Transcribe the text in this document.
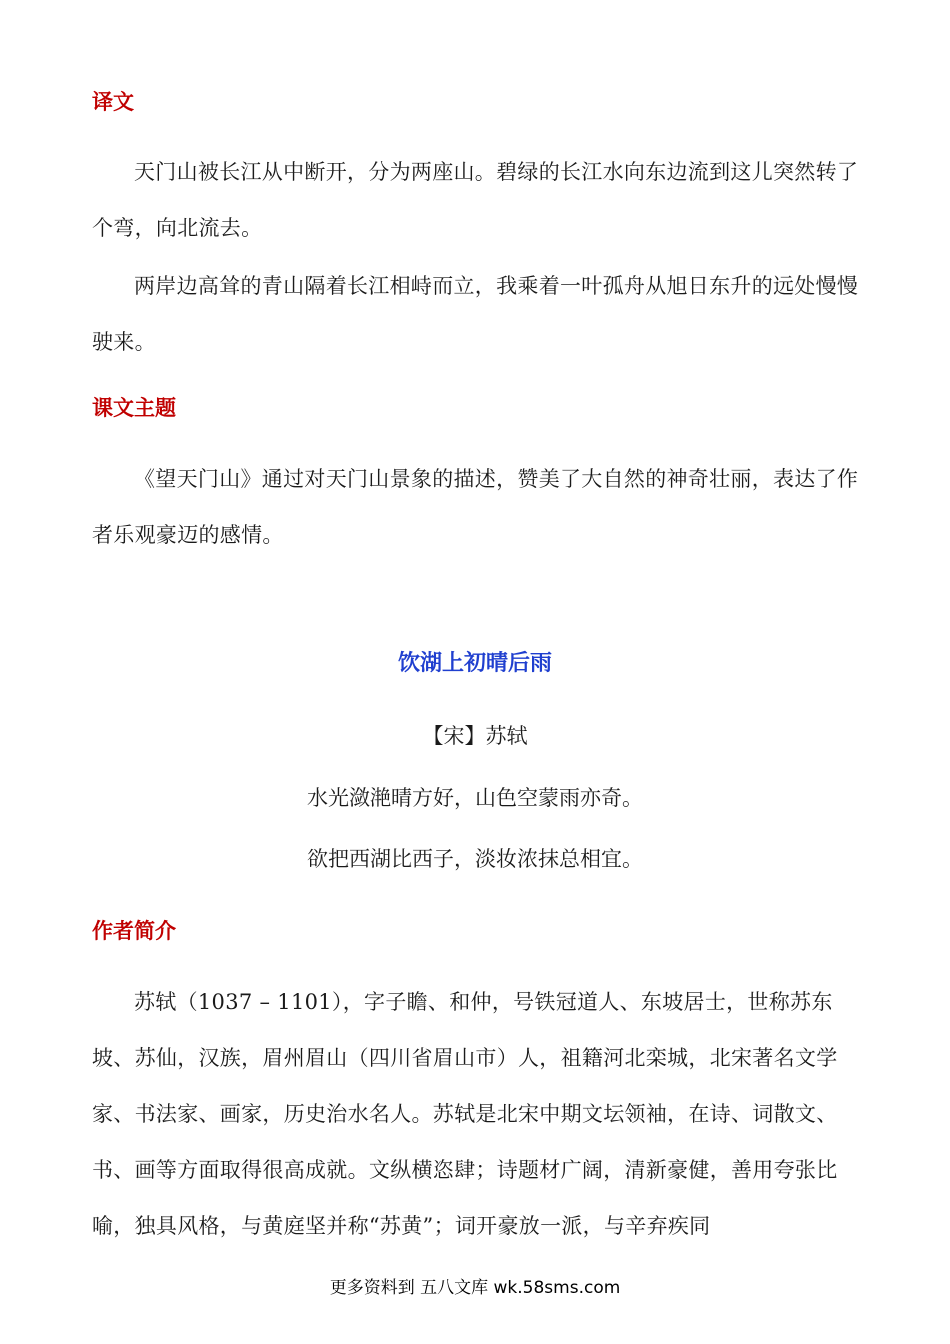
译文

天门山被长江从中断开，分为两座山。碧绿的长江水向东边流到这儿突然转了个弯，向北流去。

两岸边高耸的青山隔着长江相峙而立，我乘着一叶孤舟从旭日东升的远处慢慢驶来。

课文主题

《望天门山》通过对天门山景象的描述，赞美了大自然的神奇壮丽，表达了作者乐观豪迈的感情。

饮湖上初晴后雨

【宋】苏轼

水光潋滟晴方好，山色空蒙雨亦奇。

欲把西湖比西子，淡妆浓抹总相宜。

作者简介

苏轼（1037 – 1101），字子瞻、和仲，号铁冠道人、东坡居士，世称苏东坡、苏仙，汉族，眉州眉山（四川省眉山市）人，祖籍河北栾城，北宋著名文学家、书法家、画家，历史治水名人。苏轼是北宋中期文坛领袖，在诗、词散文、书、画等方面取得很高成就。文纵横恣肆；诗题材广阔，清新豪健，善用夸张比喻，独具风格，与黄庭坚并称“苏黄”；词开豪放一派，与辛弃疾同

更多资料到 五八文库 wk.58sms.com
